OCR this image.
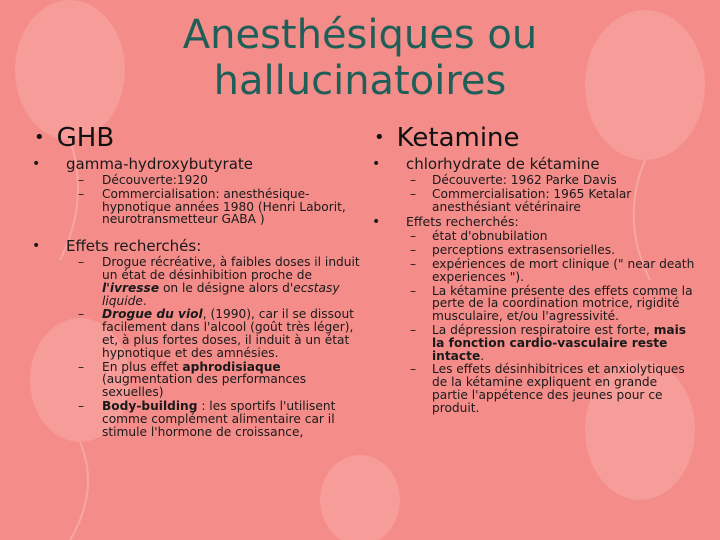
Anesthésiques ou
hallucinatoires
• GHB
• gamma-hydroxybutyrate
– Découverte:1920
– Commercialisation: anesthésique-hypnotique années 1980 (Henri Laborit, neurotransmetteur GABA )
• Effets recherchés:
– Drogue récréative, à faibles doses il induit un état de désinhibition proche de l'ivresse on le désigne alors d'ecstasy liquide.
– Drogue du viol, (1990), car il se dissout facilement dans l'alcool (goût très léger), et, à plus fortes doses, il induit à un état hypnotique et des amnésies.
– En plus effet aphrodisiaque (augmentation des performances sexuelles)
– Body-building : les sportifs l'utilisent comme complément alimentaire car il stimule l'hormone de croissance,
• Ketamine
• chlorhydrate de kétamine
– Découverte: 1962 Parke Davis
– Commercialisation: 1965 Ketalar anesthésiant vétérinaire
• Effets recherchés:
– état d'obnubilation
– perceptions extrasensorielles.
– expériences de mort clinique (" near death experiences ").
– La kétamine présente des effets comme la perte de la coordination motrice, rigidité musculaire, et/ou l'agressivité.
– La dépression respiratoire est forte, mais la fonction cardio-vasculaire reste intacte.
– Les effets désinhibitrices et anxiolytiques de la kétamine expliquent en grande partie l'appétence des jeunes pour ce produit.
